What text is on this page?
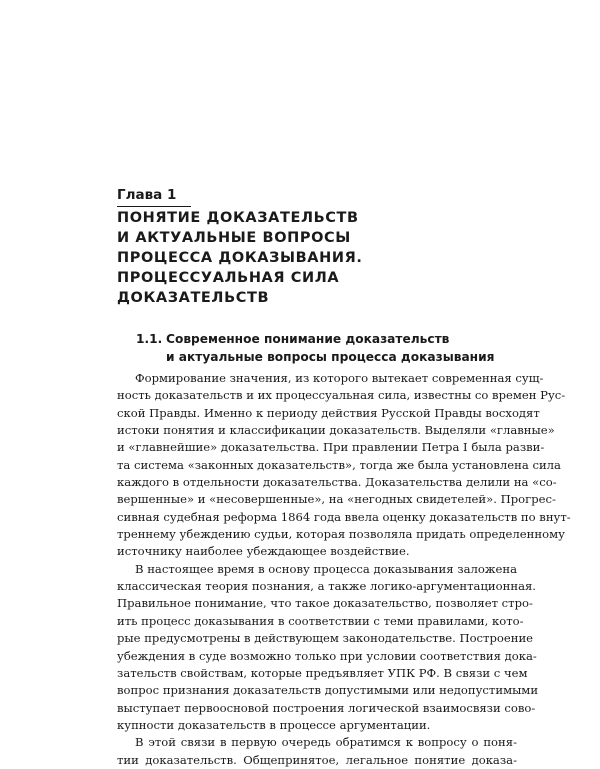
Глава 1
ПОНЯТИЕ ДОКАЗАТЕЛЬСТВ
И АКТУАЛЬНЫЕ ВОПРОСЫ
ПРОЦЕССА ДОКАЗЫВАНИЯ.
ПРОЦЕССУАЛЬНАЯ СИЛА
ДОКАЗАТЕЛЬСТВ
1.1. Современное понимание доказательств
и актуальные вопросы процесса доказывания
Формирование значения, из которого вытекает современная сущ-
ность доказательств и их процессуальная сила, известны со времен Рус-
ской Правды. Именно к периоду действия Русской Правды восходят
истоки понятия и классификации доказательств. Выделяли «главные»
и «главнейшие» доказательства. При правлении Петра I была разви-
та система «законных доказательств», тогда же была установлена сила
каждого в отдельности доказательства. Доказательства делили на «со-
вершенные» и «несовершенные», на «негодных свидетелей». Прогрес-
сивная судебная реформа 1864 года ввела оценку доказательств по внут-
треннему убеждению судьи, которая позволяла придать определенному
источнику наиболее убеждающее воздействие.
В настоящее время в основу процесса доказывания заложена
классическая теория познания, а также логико-аргументационная.
Правильное понимание, что такое доказательство, позволяет стро-
ить процесс доказывания в соответствии с теми правилами, кото-
рые предусмотрены в действующем законодательстве. Построение
убеждения в суде возможно только при условии соответствия дока-
зательств свойствам, которые предъявляет УПК РФ. В связи с чем
вопрос признания доказательств допустимыми или недопустимыми
выступает первоосновой построения логической взаимосвязи сово-
купности доказательств в процессе аргументации.
В этой связи в первую очередь обратимся к вопросу о поня-
тии доказательств. Общепринятое, легальное понятие доказа-
